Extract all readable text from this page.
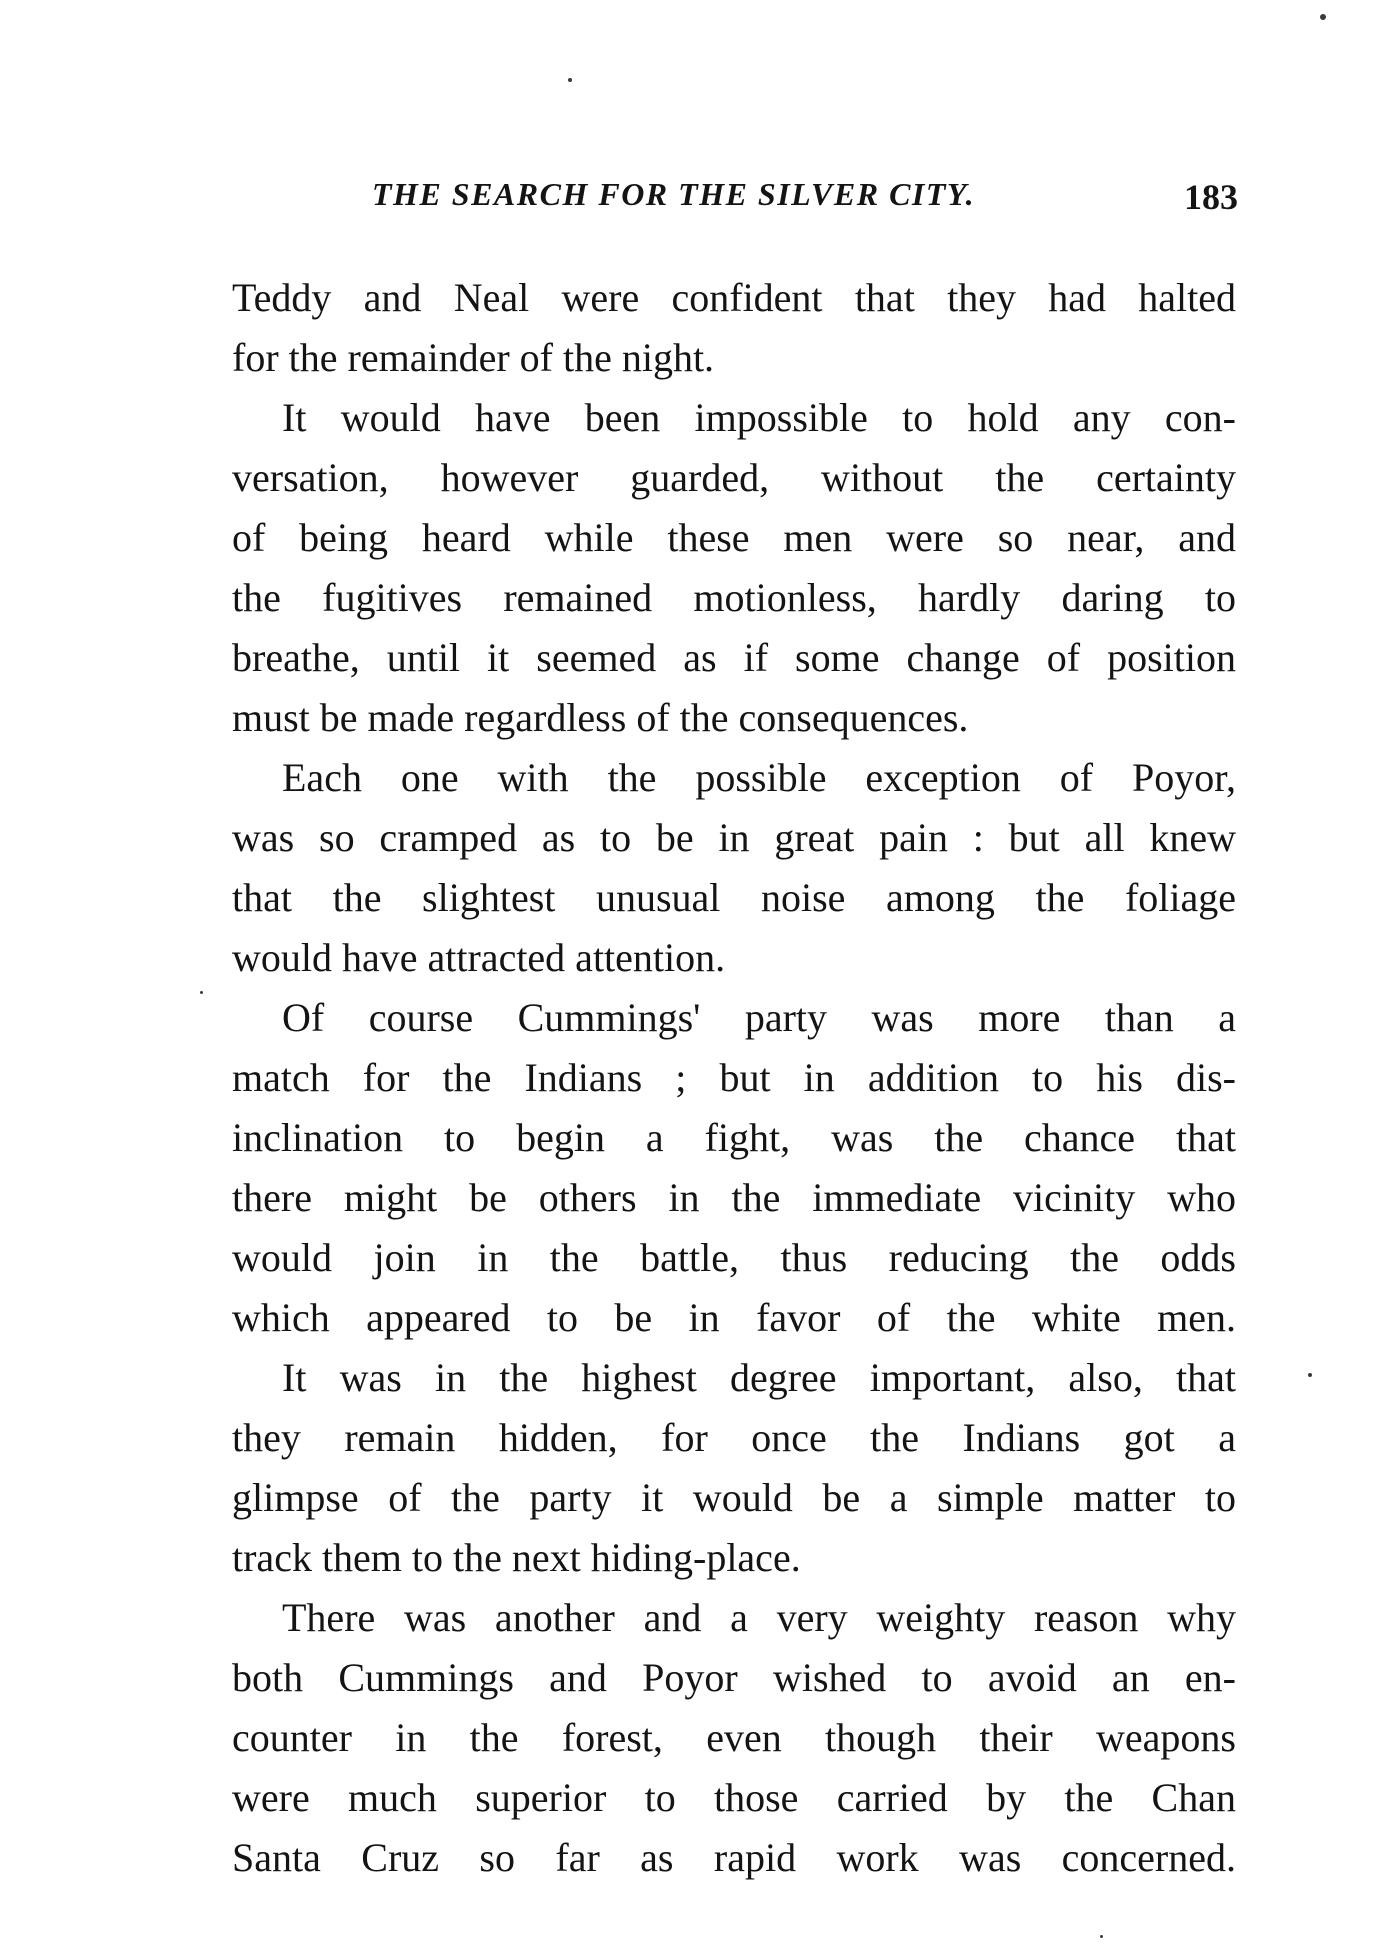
THE SEARCH FOR THE SILVER CITY.	183
Teddy and Neal were confident that they had halted
for the remainder of the night.
It would have been impossible to hold any con-
versation, however guarded, without the certainty
of being heard while these men were so near, and
the fugitives remained motionless, hardly daring to
breathe, until it seemed as if some change of position
must be made regardless of the consequences.
Each one with the possible exception of Poyor,
was so cramped as to be in great pain : but all knew
that the slightest unusual noise among the foliage
would have attracted attention.
Of course Cummings' party was more than a
match for the Indians ; but in addition to his dis-
inclination to begin a fight, was the chance that
there might be others in the immediate vicinity who
would join in the battle, thus reducing the odds
which appeared to be in favor of the white men.
It was in the highest degree important, also, that
they remain hidden, for once the Indians got a
glimpse of the party it would be a simple matter to
track them to the next hiding-place.
There was another and a very weighty reason why
both Cummings and Poyor wished to avoid an en-
counter in the forest, even though their weapons
were much superior to those carried by the Chan
Santa Cruz so far as rapid work was concerned.
